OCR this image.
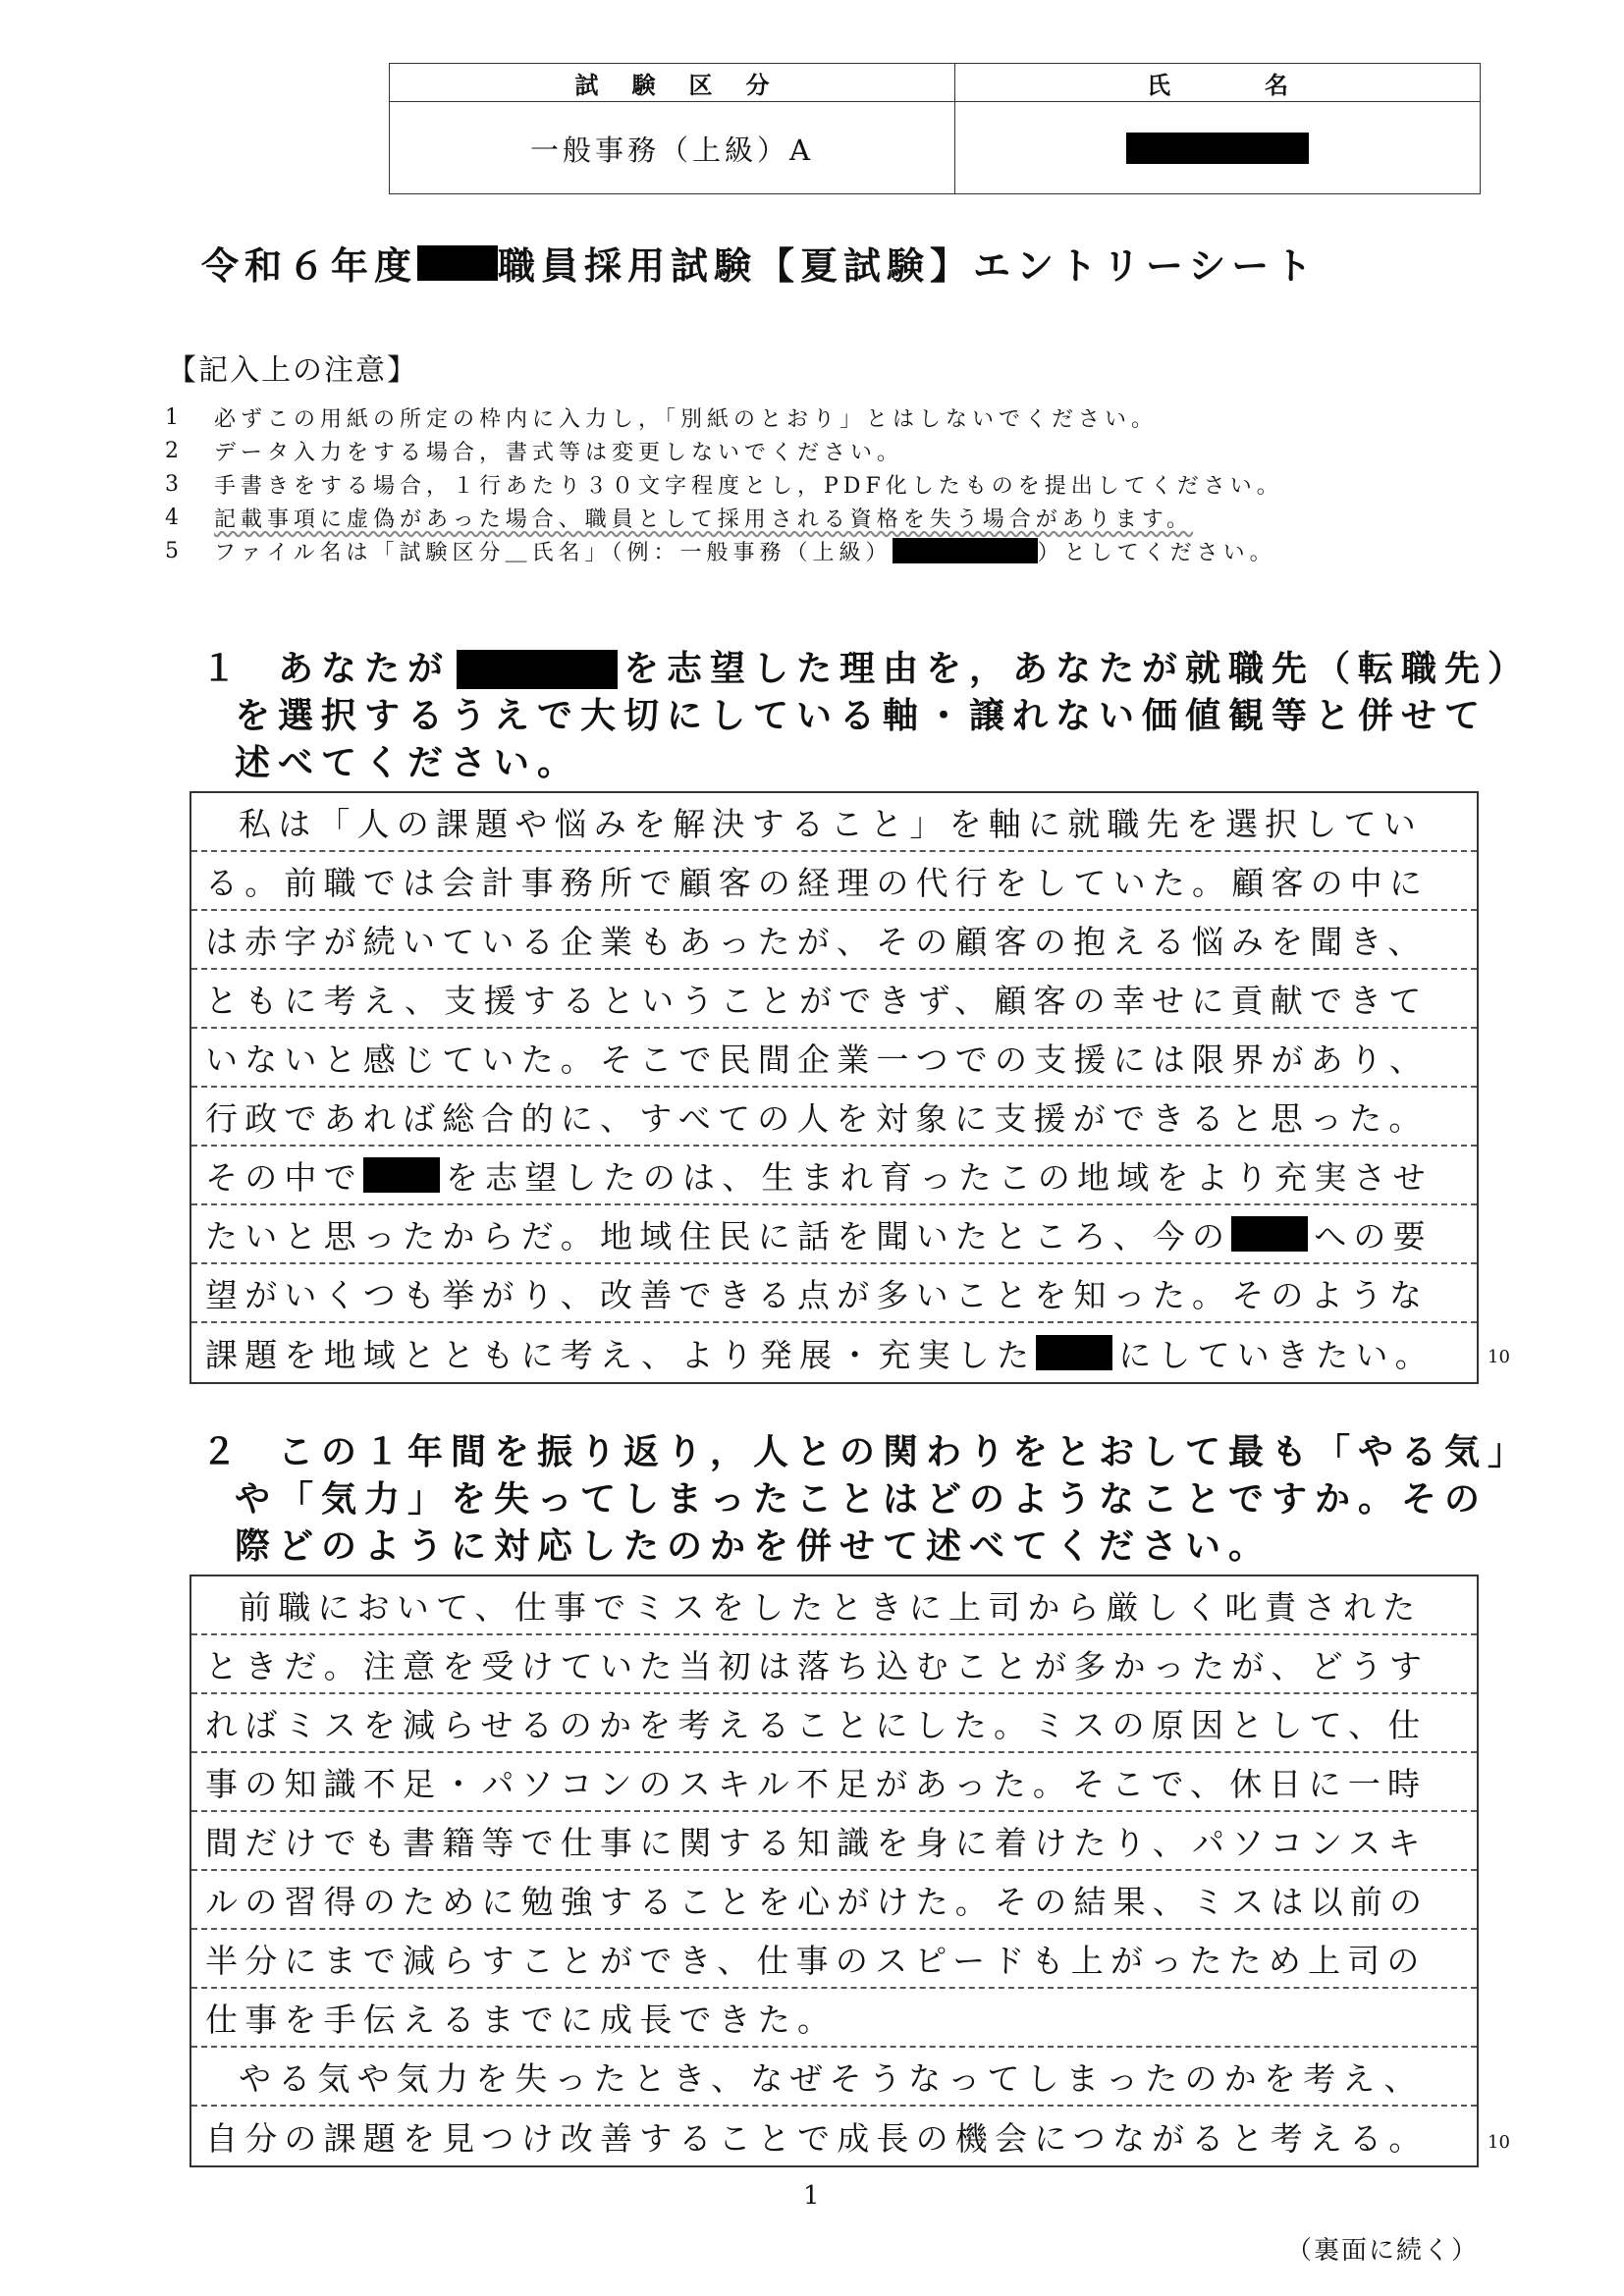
試験区分	氏名
一般事務（上級）A
令和６年度 職員採用試験【夏試験】エントリーシート
【記入上の注意】
1	必ずこの用紙の所定の枠内に入力し，「別紙のとおり」とはしないでください。
2	データ入力をする場合，書式等は変更しないでください。
3	手書きをする場合，１行あたり３０文字程度とし，PDF化したものを提出してください。
4	記載事項に虚偽があった場合、職員として採用される資格を失う場合があります。
5	ファイル名は「試験区分＿氏名」（例：一般事務（上級）	）としてください。
１ あなたが	を志望した理由を，あなたが就職先（転職先）
を選択するうえで大切にしている軸・譲れない価値観等と併せて
述べてください。
私は「人の課題や悩みを解決すること」を軸に就職先を選択してい
る。前職では会計事務所で顧客の経理の代行をしていた。顧客の中に
は赤字が続いている企業もあったが、その顧客の抱える悩みを聞き、
ともに考え、支援するということができず、顧客の幸せに貢献できて
いないと感じていた。そこで民間企業一つでの支援には限界があり、
行政であれば総合的に、すべての人を対象に支援ができると思った。
その中で	を志望したのは、生まれ育ったこの地域をより充実させ
たいと思ったからだ。地域住民に話を聞いたところ、今の	への要
望がいくつも挙がり、改善できる点が多いことを知った。そのような
課題を地域とともに考え、より発展・充実した	にしていきたい。	10
２ この１年間を振り返り，人との関わりをとおして最も「やる気」
や「気力」を失ってしまったことはどのようなことですか。その
際どのように対応したのかを併せて述べてください。
前職において、仕事でミスをしたときに上司から厳しく叱責された
ときだ。注意を受けていた当初は落ち込むことが多かったが、どうす
ればミスを減らせるのかを考えることにした。ミスの原因として、仕
事の知識不足・パソコンのスキル不足があった。そこで、休日に一時
間だけでも書籍等で仕事に関する知識を身に着けたり、パソコンスキ
ルの習得のために勉強することを心がけた。その結果、ミスは以前の
半分にまで減らすことができ、仕事のスピードも上がったため上司の
仕事を手伝えるまでに成長できた。
やる気や気力を失ったとき、なぜそうなってしまったのかを考え、
自分の課題を見つけ改善することで成長の機会につながると考える。	10
1
（裏面に続く）
